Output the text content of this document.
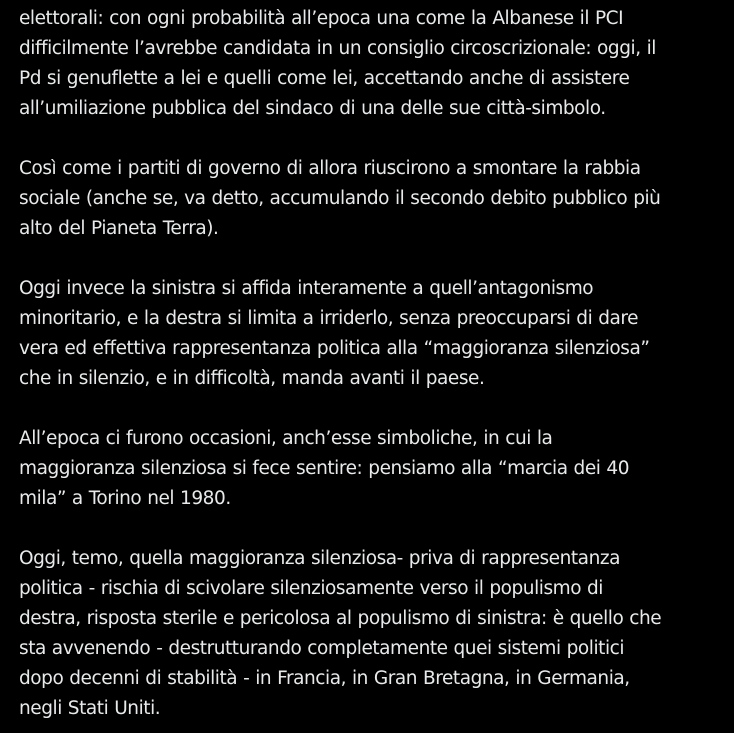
elettorali: con ogni probabilità all’epoca una come la Albanese il PCI
difficilmente l’avrebbe candidata in un consiglio circoscrizionale: oggi, il
Pd si genuflette a lei e quelli come lei, accettando anche di assistere
all’umiliazione pubblica del sindaco di una delle sue città-simbolo.

Così come i partiti di governo di allora riuscirono a smontare la rabbia
sociale (anche se, va detto, accumulando il secondo debito pubblico più
alto del Pianeta Terra).

Oggi invece la sinistra si affida interamente a quell’antagonismo
minoritario, e la destra si limita a irriderlo, senza preoccuparsi di dare
vera ed effettiva rappresentanza politica alla “maggioranza silenziosa”
che in silenzio, e in difficoltà, manda avanti il paese.

All’epoca ci furono occasioni, anch’esse simboliche, in cui la
maggioranza silenziosa si fece sentire: pensiamo alla “marcia dei 40
mila” a Torino nel 1980.

Oggi, temo, quella maggioranza silenziosa- priva di rappresentanza
politica - rischia di scivolare silenziosamente verso il populismo di
destra, risposta sterile e pericolosa al populismo di sinistra: è quello che
sta avvenendo - destrutturando completamente quei sistemi politici
dopo decenni di stabilità - in Francia, in Gran Bretagna, in Germania,
negli Stati Uniti.
